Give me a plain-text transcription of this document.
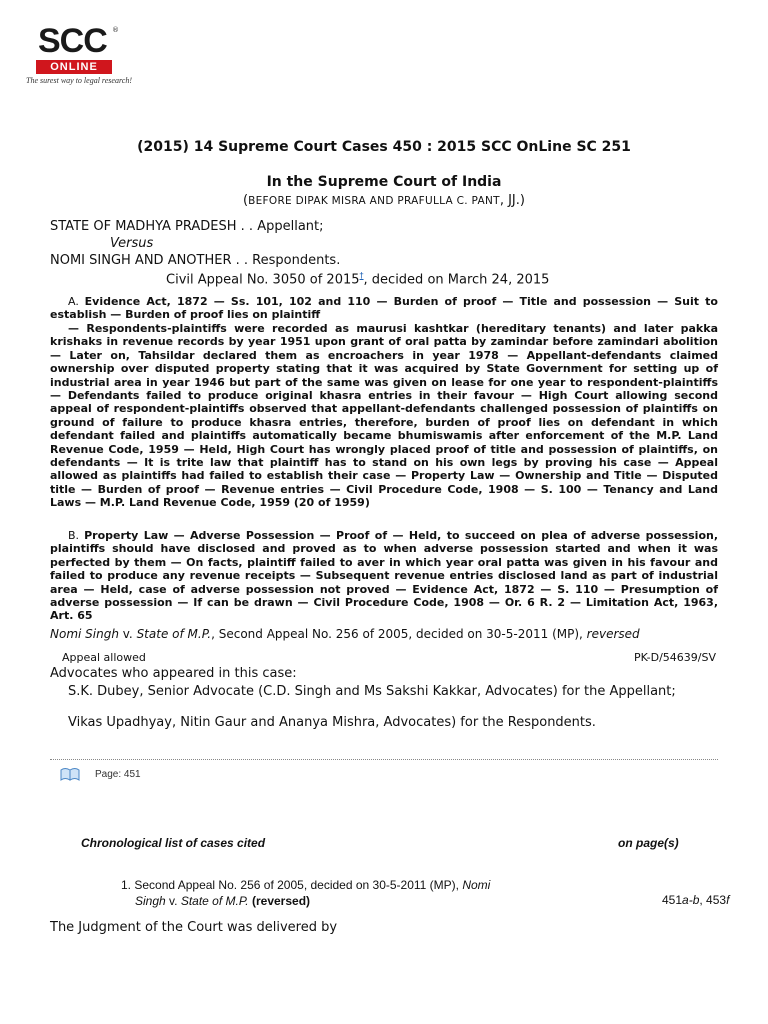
SCC ®
ONLINE
The surest way to legal research!
(2015) 14 Supreme Court Cases 450 : 2015 SCC OnLine SC 251
In the Supreme Court of India
(BEFORE DIPAK MISRA AND PRAFULLA C. PANT, JJ.)
STATE OF MADHYA PRADESH . . Appellant;
Versus
NOMI SINGH AND ANOTHER . . Respondents.
Civil Appeal No. 3050 of 2015†, decided on March 24, 2015

A. Evidence Act, 1872 — Ss. 101, 102 and 110 — Burden of proof — Title and possession — Suit to establish — Burden of proof lies on plaintiff

— Respondents-plaintiffs were recorded as maurusi kashtkar (hereditary tenants) and later pakka krishaks in revenue records by year 1951 upon grant of oral patta by zamindar before zamindari abolition — Later on, Tahsildar declared them as encroachers in year 1978 — Appellant-defendants claimed ownership over disputed property stating that it was acquired by State Government for setting up of industrial area in year 1946 but part of the same was given on lease for one year to respondent-plaintiffs — Defendants failed to produce original khasra entries in their favour — High Court allowing second appeal of respondent-plaintiffs observed that appellant-defendants challenged possession of plaintiffs on ground of failure to produce khasra entries, therefore, burden of proof lies on defendant in which defendant failed and plaintiffs automatically became bhumiswamis after enforcement of the M.P. Land Revenue Code, 1959 — Held, High Court has wrongly placed proof of title and possession of plaintiffs, on defendants — It is trite law that plaintiff has to stand on his own legs by proving his case — Appeal allowed as plaintiffs had failed to establish their case — Property Law — Ownership and Title — Disputed title — Burden of proof — Revenue entries — Civil Procedure Code, 1908 — S. 100 — Tenancy and Land Laws — M.P. Land Revenue Code, 1959 (20 of 1959)

B. Property Law — Adverse Possession — Proof of — Held, to succeed on plea of adverse possession, plaintiffs should have disclosed and proved as to when adverse possession started and when it was perfected by them — On facts, plaintiff failed to aver in which year oral patta was given in his favour and failed to produce any revenue receipts — Subsequent revenue entries disclosed land as part of industrial area — Held, case of adverse possession not proved — Evidence Act, 1872 — S. 110 — Presumption of adverse possession — If can be drawn — Civil Procedure Code, 1908 — Or. 6 R. 2 — Limitation Act, 1963, Art. 65

Nomi Singh v. State of M.P., Second Appeal No. 256 of 2005, decided on 30-5-2011 (MP), reversed
Appeal allowed	PK-D/54639/SV
Advocates who appeared in this case:
S.K. Dubey, Senior Advocate (C.D. Singh and Ms Sakshi Kakkar, Advocates) for the Appellant;
Vikas Upadhyay, Nitin Gaur and Ananya Mishra, Advocates) for the Respondents.
Page: 451
Chronological list of cases cited	on page(s)
1. Second Appeal No. 256 of 2005, decided on 30-5-2011 (MP), Nomi
Singh v. State of M.P. (reversed)	451a-b, 453f
The Judgment of the Court was delivered by
